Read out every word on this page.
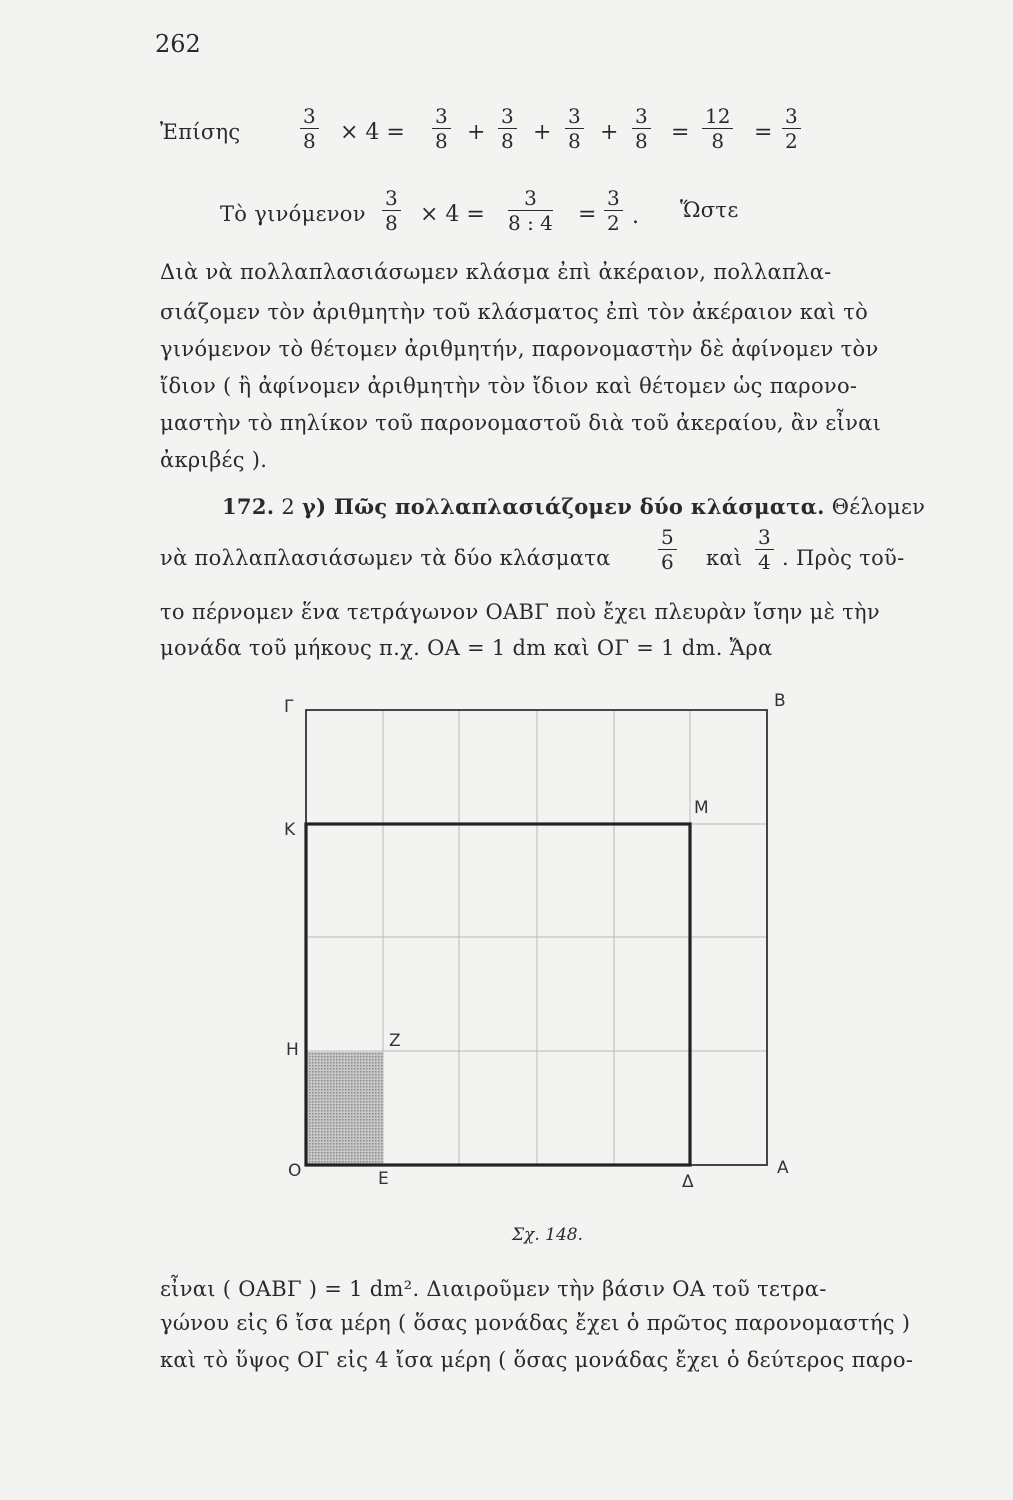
262
Ἐπίσης	$\frac{3}{8} \times 4 = \frac{3}{8} + \frac{3}{8} + \frac{3}{8} + \frac{3}{8} = \frac{12}{8} = \frac{3}{2}$
Τὸ γινόμενον $\frac{3}{8} \times 4 = \frac{3}{8 : 4} = \frac{3}{2}$ . Ὥστε
Διὰ νὰ πολλαπλασιάσωμεν κλάσμα ἐπὶ ἀκέραιον, πολλαπλα-
σιάζομεν τὸν ἀριθμητὴν τοῦ κλάσματος ἐπὶ τὸν ἀκέραιον καὶ τὸ
γινόμενον τὸ θέτομεν ἀριθμητήν, παρονομαστὴν δὲ ἀφίνομεν τὸν
ἴδιον ( ἢ ἀφίνομεν ἀριθμητὴν τὸν ἴδιον καὶ θέτομεν ὡς παρονο-
μαστὴν τὸ πηλίκον τοῦ παρονομαστοῦ διὰ τοῦ ἀκεραίου, ἂν εἶναι
ἀκριβές ).
172. 2 γ) Πῶς πολλαπλασιάζομεν δύο κλάσματα. Θέλομεν
νὰ πολλαπλασιάσωμεν τὰ δύο κλάσματα $\frac{5}{6}$ καὶ $\frac{3}{4}$ . Πρὸς τοῦ-
το πέρνομεν ἕνα τετράγωνον ΟΑΒΓ ποὺ ἔχει πλευρὰν ἴσην μὲ τὴν
μονάδα τοῦ μήκους π.χ. ΟΑ = 1 dm καὶ ΟΓ = 1 dm. Ἄρα
Γ	Β
Κ
Μ
Η	Ζ
Ο	Ε	Δ
Α
Σχ. 148.
εἶναι ( ΟΑΒΓ ) = 1 dm². Διαιροῦμεν τὴν βάσιν ΟΑ τοῦ τετρα-
γώνου εἰς 6 ἴσα μέρη ( ὅσας μονάδας ἔχει ὁ πρῶτος παρονομαστής )
καὶ τὸ ὕψος ΟΓ εἰς 4 ἴσα μέρη ( ὅσας μονάδας ἔχει ὁ δεύτερος παρο-
